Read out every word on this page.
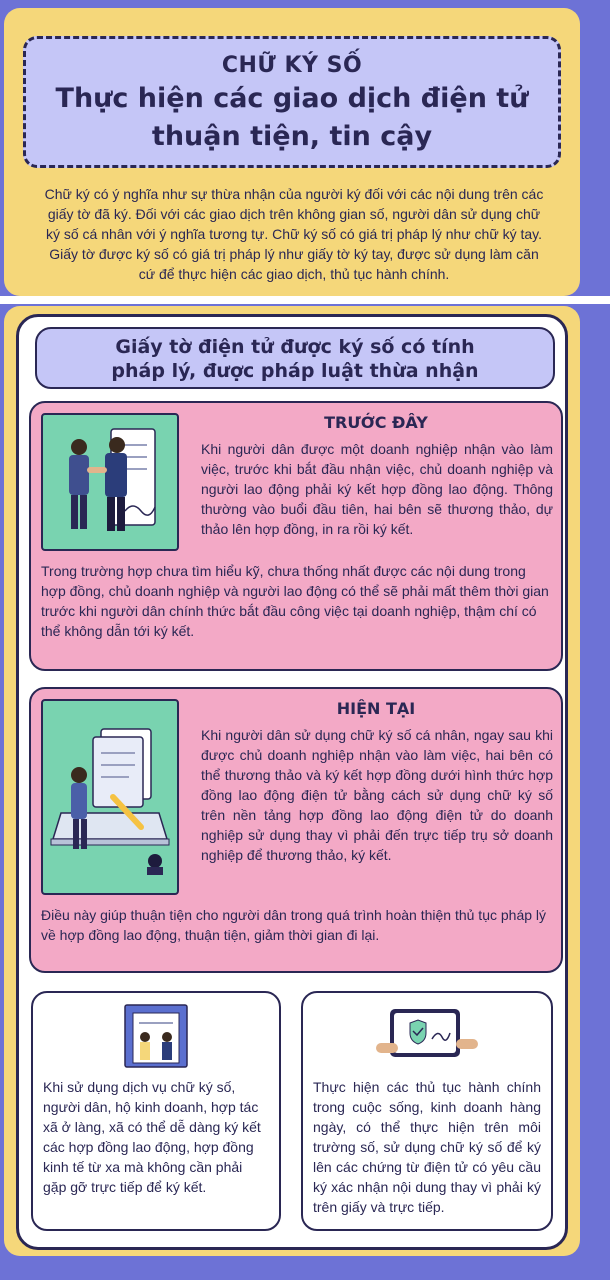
CHỮ KÝ SỐ
Thực hiện các giao dịch điện tử
thuận tiện, tin cậy
Chữ ký có ý nghĩa như sự thừa nhận của người ký đối với các nội dung trên các giấy tờ đã ký. Đối với các giao dịch trên không gian số, người dân sử dụng chữ ký số cá nhân với ý nghĩa tương tự. Chữ ký số có giá trị pháp lý như chữ ký tay. Giấy tờ được ký số có giá trị pháp lý như giấy tờ ký tay, được sử dụng làm căn cứ để thực hiện các giao dịch, thủ tục hành chính.
Giấy tờ điện tử được ký số có tính
pháp lý, được pháp luật thừa nhận
TRƯỚC ĐÂY
Khi người dân được một doanh nghiệp nhận vào làm việc, trước khi bắt đầu nhận việc, chủ doanh nghiệp và người lao động phải ký kết hợp đồng lao động. Thông thường vào buổi đầu tiên, hai bên sẽ thương thảo, dự thảo lên hợp đồng, in ra rồi ký kết.
Trong trường hợp chưa tìm hiểu kỹ, chưa thống nhất được các nội dung trong hợp đồng, chủ doanh nghiệp và người lao động có thể sẽ phải mất thêm thời gian trước khi người dân chính thức bắt đầu công việc tại doanh nghiệp, thậm chí có thể không dẫn tới ký kết.
HIỆN TẠI
Khi người dân sử dụng chữ ký số cá nhân, ngay sau khi được chủ doanh nghiệp nhận vào làm việc, hai bên có thể thương thảo và ký kết hợp đồng dưới hình thức hợp đồng lao động điện tử bằng cách sử dụng chữ ký số trên nền tảng hợp đồng lao động điện tử do doanh nghiệp sử dụng thay vì phải đến trực tiếp trụ sở doanh nghiệp để thương thảo, ký kết.
Điều này giúp thuận tiện cho người dân trong quá trình hoàn thiện thủ tục pháp lý về hợp đồng lao động, thuận tiện, giảm thời gian đi lại.
Khi sử dụng dịch vụ chữ ký số, người dân, hộ kinh doanh, hợp tác xã ở làng, xã có thể dễ dàng ký kết các hợp đồng lao động, hợp đồng kinh tế từ xa mà không cần phải gặp gỡ trực tiếp để ký kết.
Thực hiện các thủ tục hành chính trong cuộc sống, kinh doanh hàng ngày, có thể thực hiện trên môi trường số, sử dụng chữ ký số để ký lên các chứng từ điện tử có yêu cầu ký xác nhận nội dung thay vì phải ký trên giấy và trực tiếp.
